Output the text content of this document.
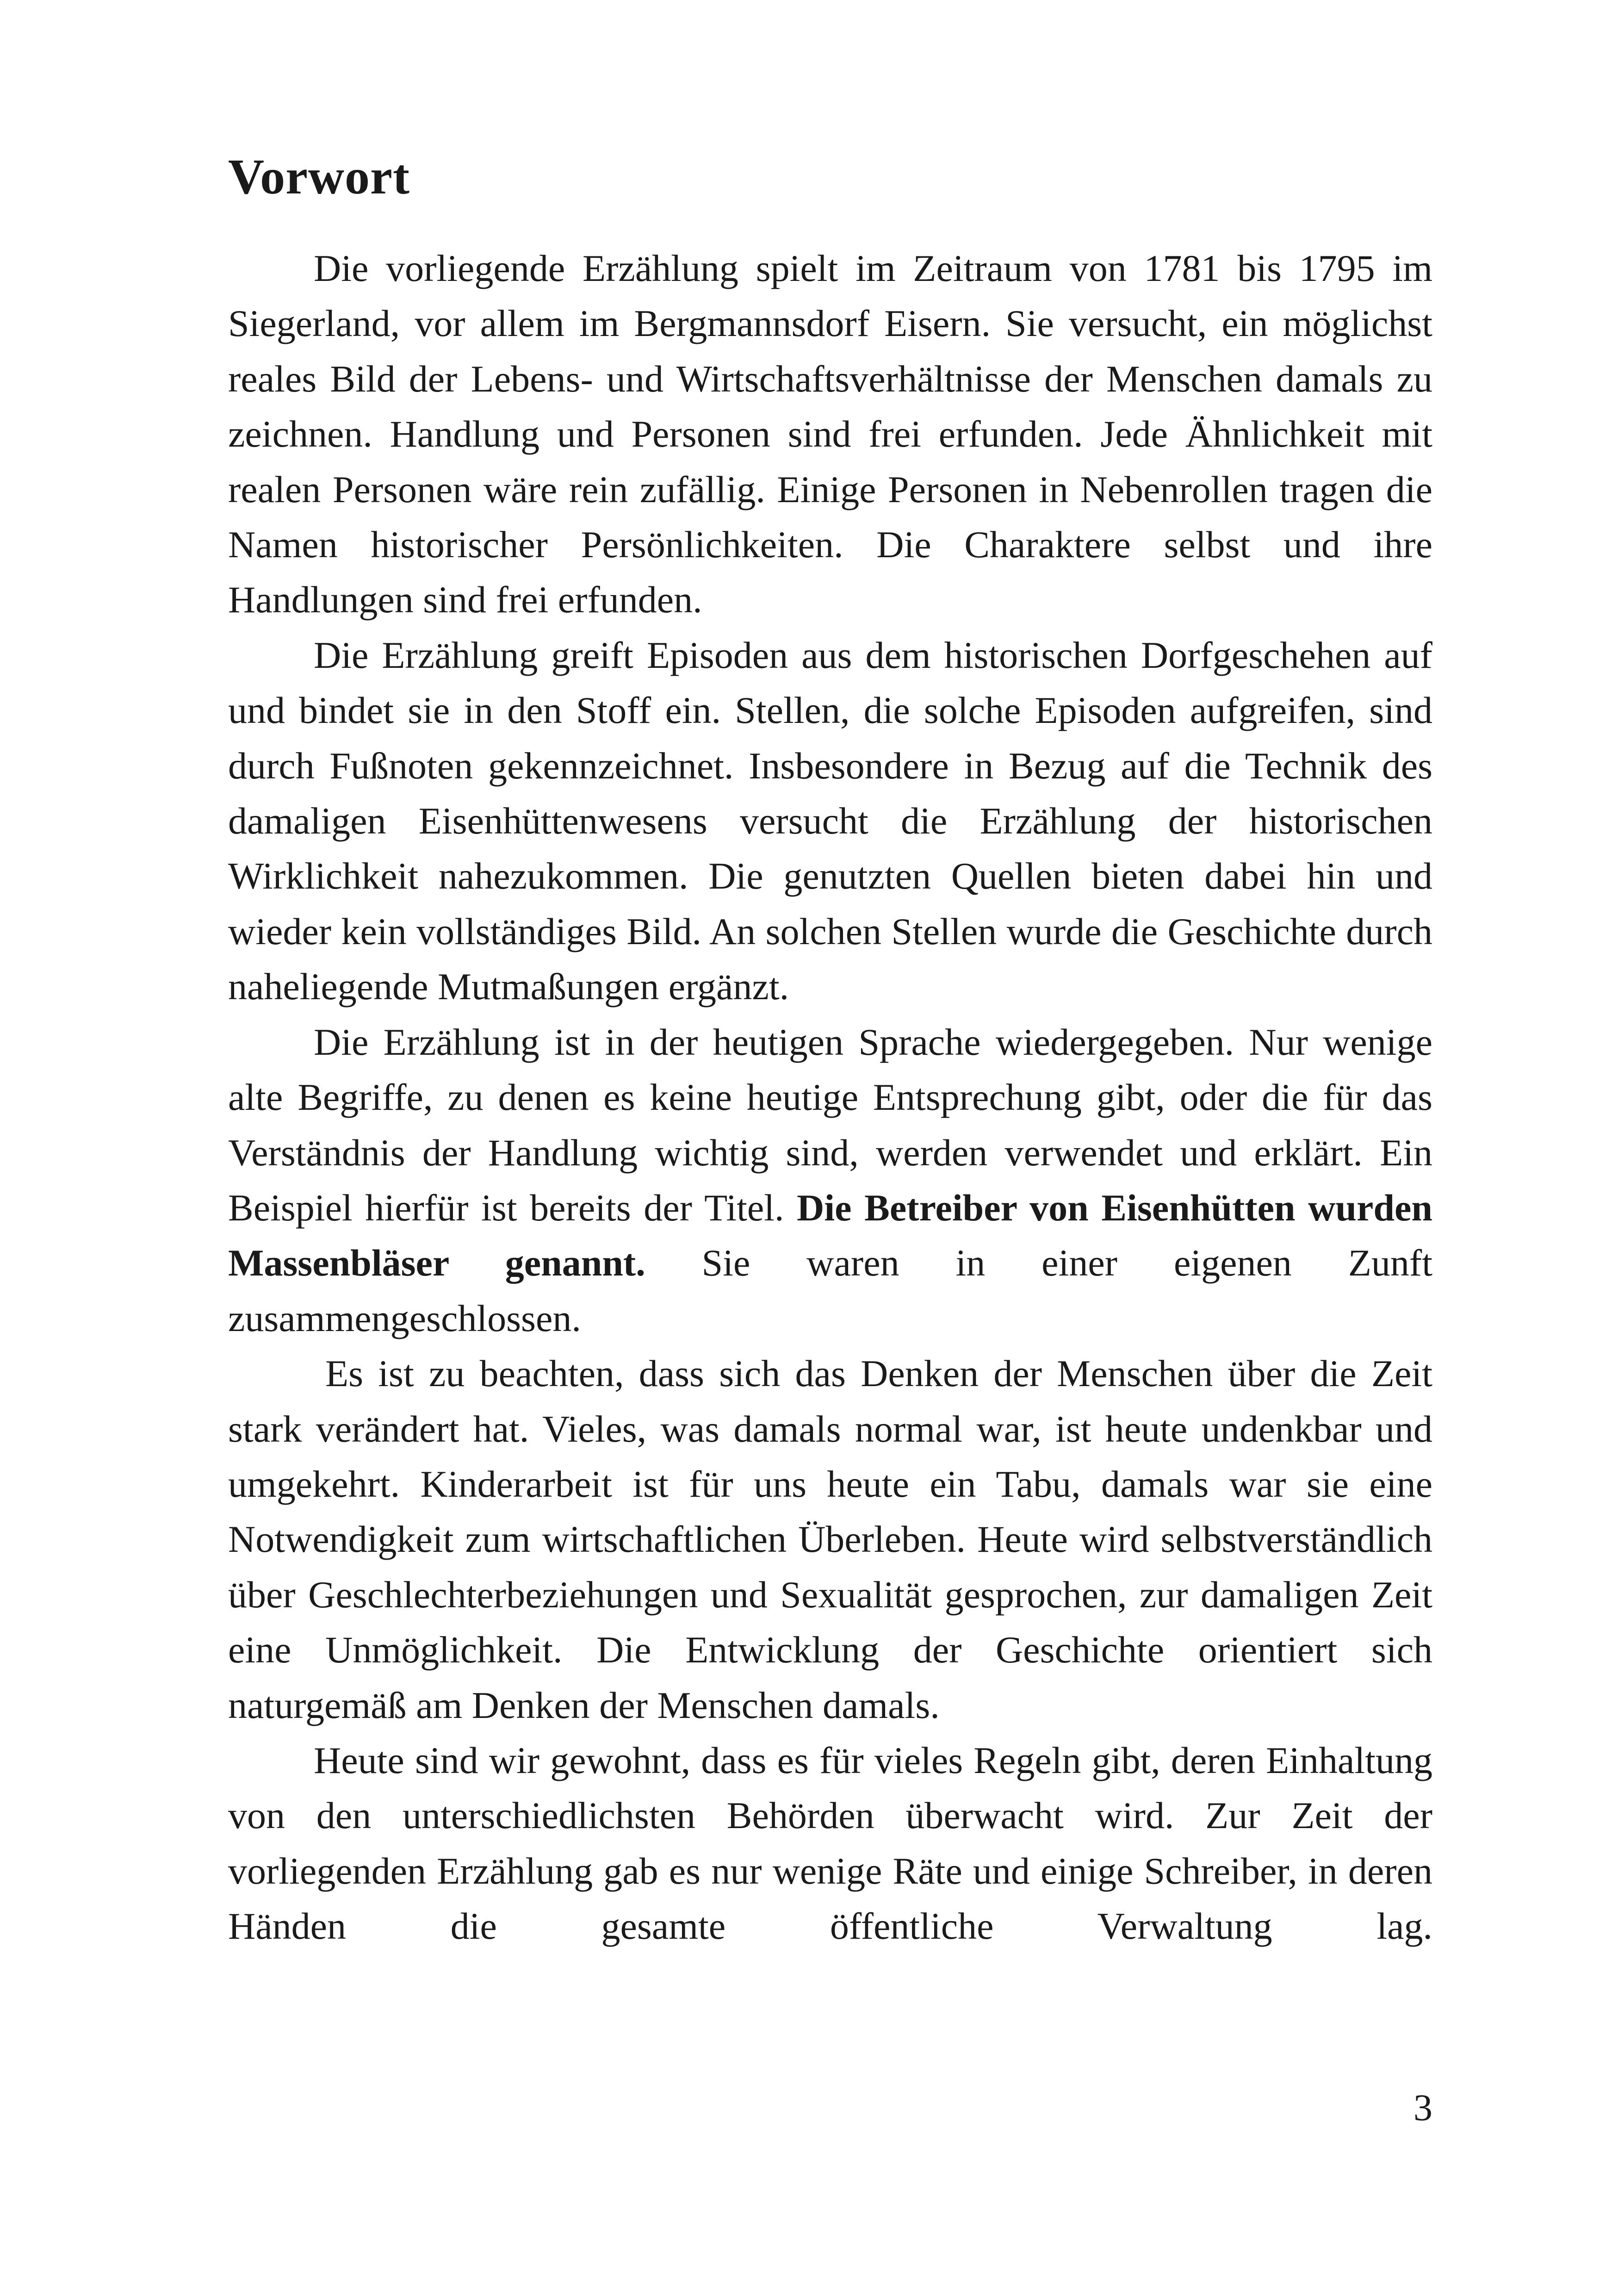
Vorwort

Die vorliegende Erzählung spielt im Zeitraum von 1781 bis 1795 im Siegerland, vor allem im Bergmannsdorf Eisern. Sie versucht, ein möglichst reales Bild der Lebens- und Wirtschaftsverhältnisse der Menschen damals zu zeichnen. Handlung und Personen sind frei erfunden. Jede Ähnlichkeit mit realen Personen wäre rein zufällig. Einige Personen in Nebenrollen tragen die Namen historischer Persönlichkeiten. Die Charaktere selbst und ihre Handlungen sind frei erfunden.

Die Erzählung greift Episoden aus dem historischen Dorfgeschehen auf und bindet sie in den Stoff ein. Stellen, die solche Episoden aufgreifen, sind durch Fußnoten gekennzeichnet. Insbesondere in Bezug auf die Technik des damaligen Eisenhüttenwesens versucht die Erzählung der historischen Wirklichkeit nahezukommen. Die genutzten Quellen bieten dabei hin und wieder kein vollständiges Bild. An solchen Stellen wurde die Geschichte durch naheliegende Mutmaßungen ergänzt.

Die Erzählung ist in der heutigen Sprache wiedergegeben. Nur wenige alte Begriffe, zu denen es keine heutige Entsprechung gibt, oder die für das Verständnis der Handlung wichtig sind, werden verwendet und erklärt. Ein Beispiel hierfür ist bereits der Titel. Die Betreiber von Eisenhütten wurden Massenbläser genannt. Sie waren in einer eigenen Zunft zusammengeschlossen.

Es ist zu beachten, dass sich das Denken der Menschen über die Zeit stark verändert hat. Vieles, was damals normal war, ist heute undenkbar und umgekehrt. Kinderarbeit ist für uns heute ein Tabu, damals war sie eine Notwendigkeit zum wirtschaftlichen Überleben. Heute wird selbstverständlich über Geschlechterbeziehungen und Sexualität gesprochen, zur damaligen Zeit eine Unmöglichkeit. Die Entwicklung der Geschichte orientiert sich naturgemäß am Denken der Menschen damals.

Heute sind wir gewohnt, dass es für vieles Regeln gibt, deren Einhaltung von den unterschiedlichsten Behörden überwacht wird. Zur Zeit der vorliegenden Erzählung gab es nur wenige Räte und einige Schreiber, in deren Händen die gesamte öffentliche Verwaltung lag.

3
